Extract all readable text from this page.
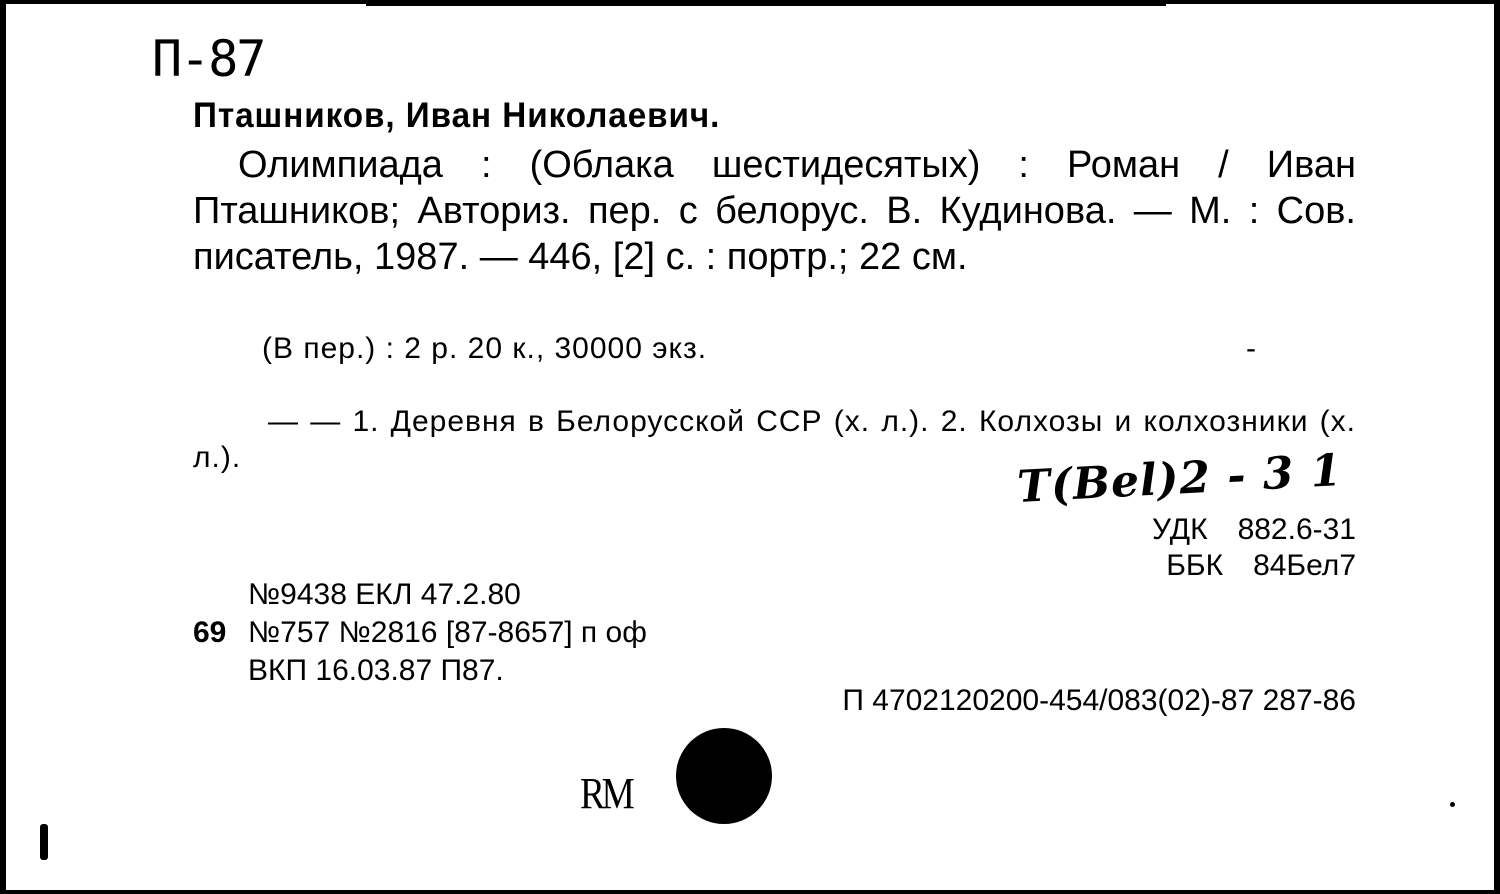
П-87
Пташников, Иван Николаевич.
Олимпиада : (Облака шестидесятых) : Роман / Иван Пташников; Авториз. пер. с белорус. В. Кудинова. — М. : Сов. писатель, 1987. — 446, [2] с. : портр.; 22 см.
(В пер.) : 2 р. 20 к., 30000 экз.	-
— — 1. Деревня в Белорусской ССР (х. л.). 2. Колхозы и колхозники (х. л.).	Т(Bel)2 - 3 1
УДК 882.6-31
ББК 84Бел7
№9438 ЕКЛ 47.2.80
69 №757 №2816 [87-8657] п оф
ВКП 16.03.87 П87.
П 4702120200-454/083(02)-87 287-86
RM
